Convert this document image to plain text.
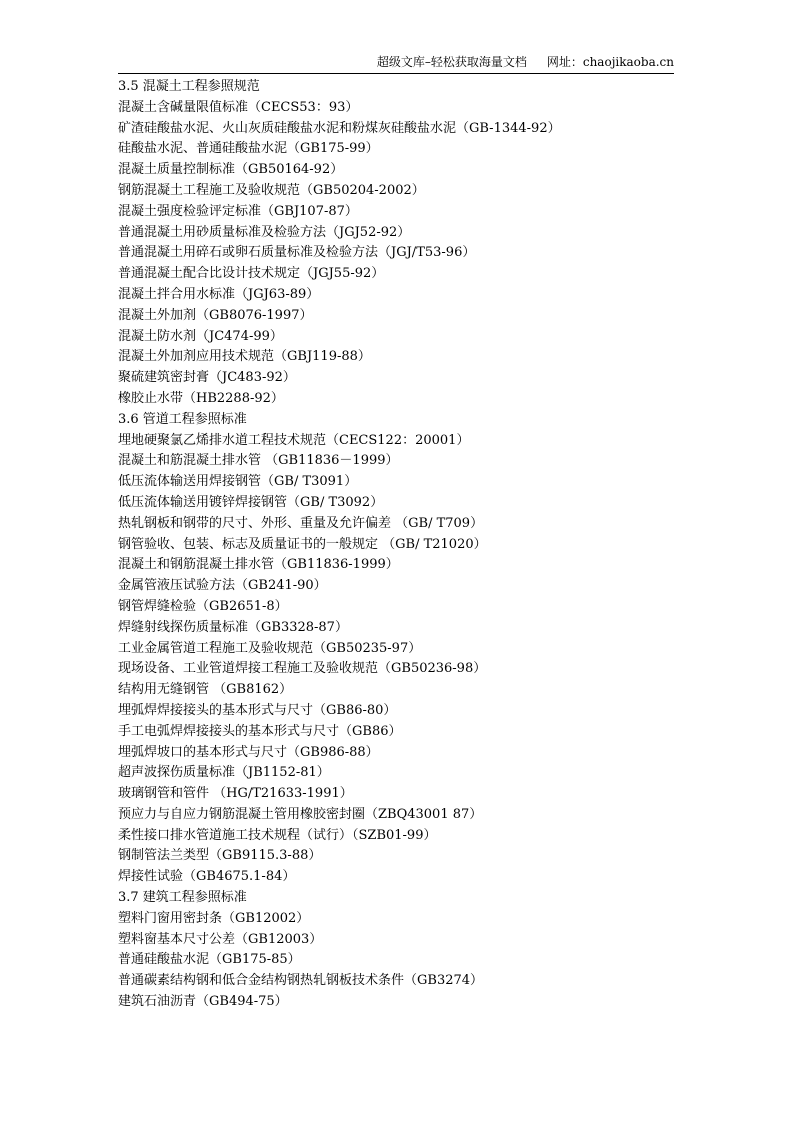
超级文库–轻松获取海量文档 网址：chaojikaoba.cn
3.5 混凝土工程参照规范
混凝土含碱量限值标准（CECS53：93）
矿渣硅酸盐水泥、火山灰质硅酸盐水泥和粉煤灰硅酸盐水泥（GB-1344-92）
硅酸盐水泥、普通硅酸盐水泥（GB175-99）
混凝土质量控制标准（GB50164-92）
钢筋混凝土工程施工及验收规范（GB50204-2002）
混凝土强度检验评定标准（GBJ107-87）
普通混凝土用砂质量标准及检验方法（JGJ52-92）
普通混凝土用碎石或卵石质量标准及检验方法（JGJ/T53-96）
普通混凝土配合比设计技术规定（JGJ55-92）
混凝土拌合用水标准（JGJ63-89）
混凝土外加剂（GB8076-1997）
混凝土防水剂（JC474-99）
混凝土外加剂应用技术规范（GBJ119-88）
聚硫建筑密封膏（JC483-92）
橡胶止水带（HB2288-92）
3.6 管道工程参照标准
埋地硬聚氯乙烯排水道工程技术规范（CECS122：20001）
混凝土和筋混凝土排水管 （GB11836－1999）
低压流体输送用焊接钢管（GB/ T3091）
低压流体输送用镀锌焊接钢管（GB/ T3092）
热轧钢板和钢带的尺寸、外形、重量及允许偏差 （GB/ T709）
钢管验收、包装、标志及质量证书的一般规定 （GB/ T21020）
混凝土和钢筋混凝土排水管（GB11836-1999）
金属管液压试验方法（GB241-90）
钢管焊缝检验（GB2651-8）
焊缝射线探伤质量标准（GB3328-87）
工业金属管道工程施工及验收规范（GB50235-97）
现场设备、工业管道焊接工程施工及验收规范（GB50236-98）
结构用无缝钢管 （GB8162）
埋弧焊焊接接头的基本形式与尺寸（GB86-80）
手工电弧焊焊接接头的基本形式与尺寸（GB86）
埋弧焊坡口的基本形式与尺寸（GB986-88）
超声波探伤质量标准（JB1152-81）
玻璃钢管和管件 （HG/T21633-1991）
预应力与自应力钢筋混凝土管用橡胶密封圈（ZBQ43001 87）
柔性接口排水管道施工技术规程（试行）（SZB01-99）
钢制管法兰类型（GB9115.3-88）
焊接性试验（GB4675.1-84）
3.7 建筑工程参照标准
塑料门窗用密封条（GB12002）
塑料窗基本尺寸公差（GB12003）
普通硅酸盐水泥（GB175-85）
普通碳素结构钢和低合金结构钢热轧钢板技术条件（GB3274）
建筑石油沥青（GB494-75）
